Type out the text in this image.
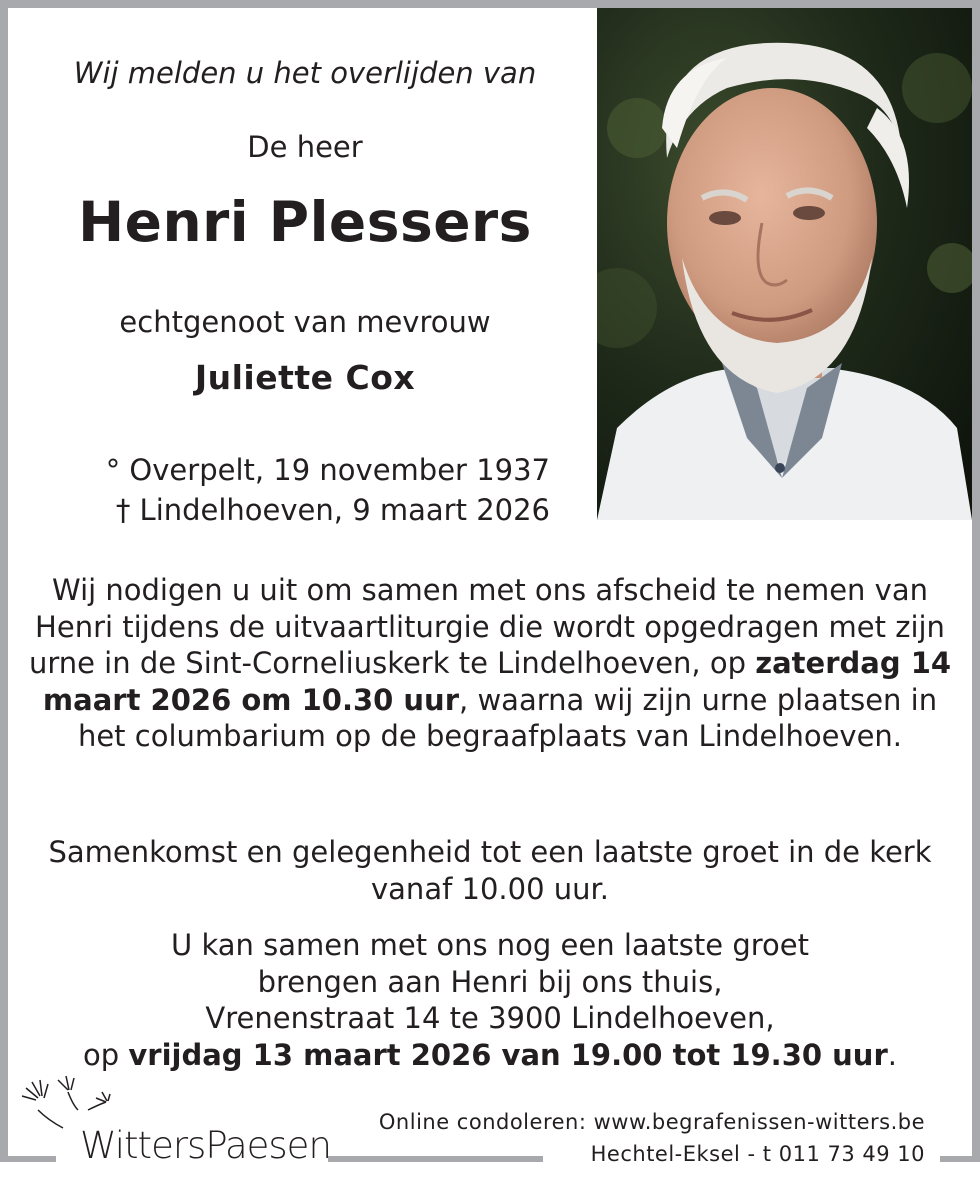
Wij melden u het overlijden van
De heer
Henri Plessers
echtgenoot van mevrouw
Juliette Cox
° Overpelt, 19 november 1937
† Lindelhoeven, 9 maart 2026
Wij nodigen u uit om samen met ons afscheid te nemen van Henri tijdens de uitvaartliturgie die wordt opgedragen met zijn urne in de Sint-Corneliuskerk te Lindelhoeven, op zaterdag 14 maart 2026 om 10.30 uur, waarna wij zijn urne plaatsen in het columbarium op de begraafplaats van Lindelhoeven.
Samenkomst en gelegenheid tot een laatste groet in de kerk vanaf 10.00 uur.
U kan samen met ons nog een laatste groet
brengen aan Henri bij ons thuis,
Vrenenstraat 14 te 3900 Lindelhoeven,
op vrijdag 13 maart 2026 van 19.00 tot 19.30 uur.
WittersPaesen
Online condoleren: www.begrafenissen-witters.be
Hechtel-Eksel - t 011 73 49 10
